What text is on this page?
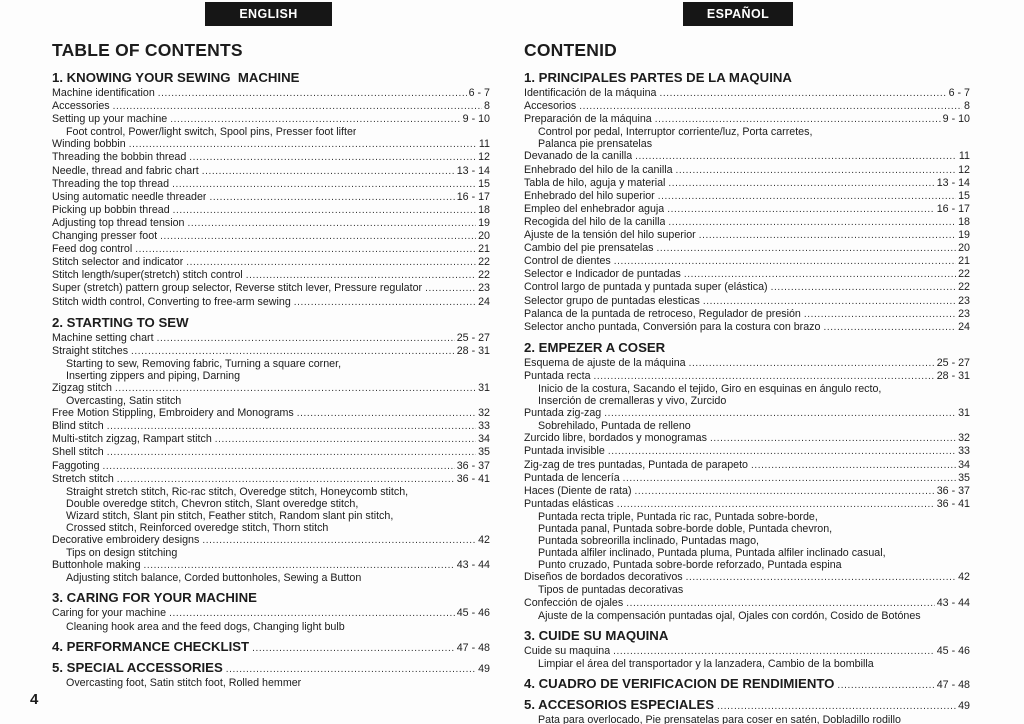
ENGLISH	ESPAÑOL
TABLE OF CONTENTS
1. KNOWING YOUR SEWING  MACHINE
Machine identification .....	6 - 7
Accessories .....	8
Setting up your machine .....	9 - 10
Foot control, Power/light switch, Spool pins, Presser foot lifter
Winding bobbin .....	11
Threading the bobbin thread .....	12
Needle, thread and fabric chart .....	13 - 14
Threading the top thread .....	15
Using automatic needle threader .....	16 - 17
Picking up bobbin thread .....	18
Adjusting top thread tension .....	19
Changing presser foot .....	20
Feed dog control .....	21
Stitch selector and indicator .....	22
Stitch length/super(stretch) stitch control .....	22
Super (stretch) pattern group selector, Reverse stitch lever, Pressure regulator .....	23
Stitch width control, Converting to free-arm sewing .....	24
2. STARTING TO SEW
Machine setting chart .....	25 - 27
Straight stitches .....	28 - 31
Starting to sew, Removing fabric, Turning a square corner,
Inserting zippers and piping, Darning
Zigzag stitch .....	31
Overcasting, Satin stitch
Free Motion Stippling, Embroidery and Monograms .....	32
Blind stitch .....	33
Multi-stitch zigzag, Rampart stitch .....	34
Shell stitch .....	35
Faggoting .....	36 - 37
Stretch stitch .....	36 - 41
Straight stretch stitch, Ric-rac stitch, Overedge stitch, Honeycomb stitch,
Double overedge stitch, Chevron stitch, Slant overedge stitch,
Wizard stitch, Slant pin stitch, Feather stitch, Random slant pin stitch,
Crossed stitch, Reinforced overedge stitch, Thorn stitch
Decorative embroidery designs .....	42
Tips on design stitching
Buttonhole making .....	43 - 44
Adjusting stitch balance, Corded buttonholes, Sewing a Button
3. CARING FOR YOUR MACHINE
Caring for your machine .....	45 - 46
Cleaning hook area and the feed dogs, Changing light bulb
4. PERFORMANCE CHECKLIST .....	47 - 48
5. SPECIAL ACCESSORIES .....	49
Overcasting foot, Satin stitch foot, Rolled hemmer
CONTENID
1. PRINCIPALES PARTES DE LA MAQUINA
Identificación de la máquina .....	6 - 7
Accesorios .....	8
Preparación de la máquina .....	9 - 10
Control por pedal, Interruptor corriente/luz, Porta carretes,
Palanca pie prensatelas
Devanado de la canilla .....	11
Enhebrado del hilo de la canilla .....	12
Tabla de hilo, aguja y material .....	13 - 14
Enhebrado del hilo superior .....	15
Empleo del enhebrador aguja .....	16 - 17
Recogida del hilo de la canilla .....	18
Ajuste de la tensión del hilo superior .....	19
Cambio del pie prensatelas .....	20
Control de dientes .....	21
Selector e Indicador de puntadas .....	22
Control largo de puntada y puntada super (elástica) .....	22
Selector grupo de puntadas elesticas .....	23
Palanca de la puntada de retroceso, Regulador de presión .....	23
Selector ancho puntada, Conversión para la costura con brazo .....	24
2. EMPEZER A COSER
Esquema de ajuste de la máquina .....	25 - 27
Puntada recta .....	28 - 31
Inicio de la costura, Sacando el tejido, Giro en esquinas en ángulo recto,
Inserción de cremalleras y vivo, Zurcido
Puntada zig-zag .....	31
Sobrehilado, Puntada de relleno
Zurcido libre, bordados y monogramas .....	32
Puntada invisible .....	33
Zig-zag de tres puntadas, Puntada de parapeto .....	34
Puntada de lencería .....	35
Haces (Diente de rata) .....	36 - 37
Puntadas elásticas .....	36 - 41
Puntada recta triple, Puntada ric rac, Puntada sobre-borde,
Puntada panal, Puntada sobre-borde doble, Puntada chevron,
Puntada sobreorilla inclinado, Puntadas mago,
Puntada alfiler inclinado, Puntada pluma, Puntada alfiler inclinado casual,
Punto cruzado, Puntada sobre-borde reforzado, Puntada espina
Diseños de bordados decorativos .....	42
Tipos de puntadas decorativas
Confección de ojales .....	43 - 44
Ajuste de la compensación puntadas ojal, Ojales con cordón, Cosido de Botónes
3. CUIDE SU MAQUINA
Cuide su maquina .....	45 - 46
Limpiar el área del transportador y la lanzadera, Cambio de la bombilla
4. CUADRO DE VERIFICACION DE RENDIMIENTO .....	47 - 48
5. ACCESORIOS ESPECIALES .....	49
Pata para overlocado, Pie prensatelas para coser en satén, Dobladillo rodillo
4
